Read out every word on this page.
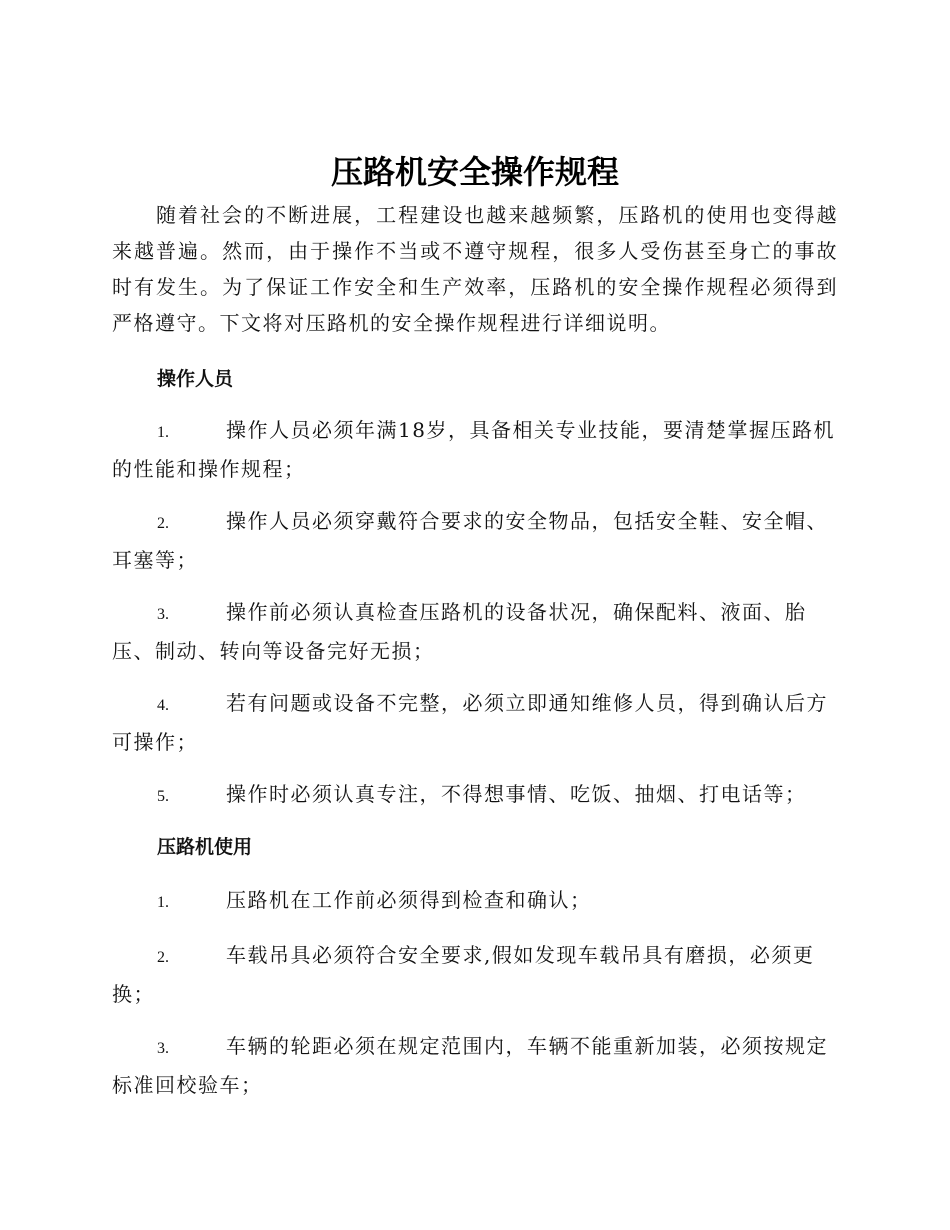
压路机安全操作规程

随着社会的不断进展，工程建设也越来越频繁，压路机的使用也变得越来越普遍。然而，由于操作不当或不遵守规程，很多人受伤甚至身亡的事故时有发生。为了保证工作安全和生产效率，压路机的安全操作规程必须得到严格遵守。下文将对压路机的安全操作规程进行详细说明。

操作人员

1.	操作人员必须年满18岁，具备相关专业技能，要清楚掌握压路机的性能和操作规程；

2.	操作人员必须穿戴符合要求的安全物品，包括安全鞋、安全帽、耳塞等；

3.	操作前必须认真检查压路机的设备状况，确保配料、液面、胎压、制动、转向等设备完好无损；

4.	若有问题或设备不完整，必须立即通知维修人员，得到确认后方可操作；

5.	操作时必须认真专注，不得想事情、吃饭、抽烟、打电话等；

压路机使用

1.	压路机在工作前必须得到检查和确认；

2.	车载吊具必须符合安全要求,假如发现车载吊具有磨损，必须更换；

3.	车辆的轮距必须在规定范围内，车辆不能重新加装，必须按规定标准回校验车；
